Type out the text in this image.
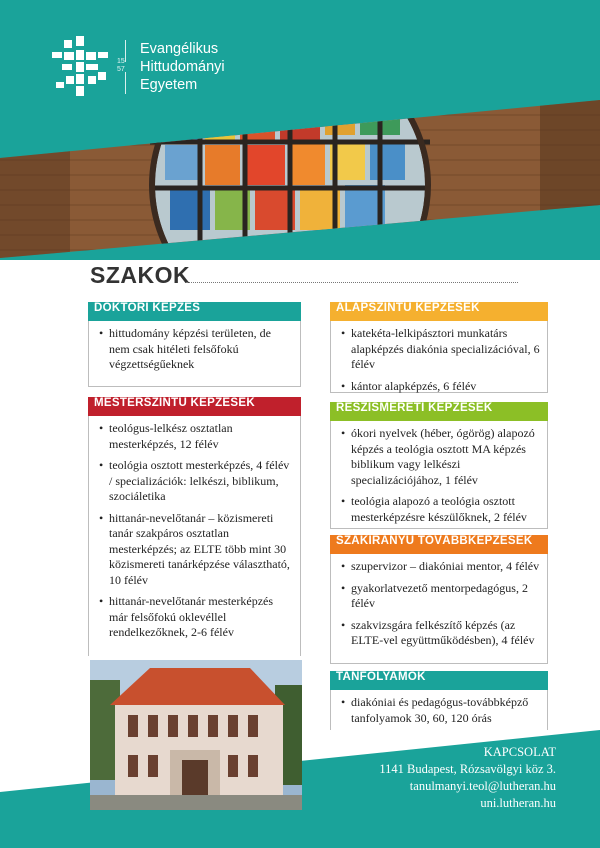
15
57
Evangélikus
Hittudományi
Egyetem
SZAKOK
DOKTORI KÉPZÉS
• hittudomány képzési területen, de nem csak hitéleti felsőfokú végzettségűeknek
MESTERSZINTŰ KÉPZÉSEK
• teológus-lelkész osztatlan mesterképzés, 12 félév
• teológia osztott mesterképzés, 4 félév / specializációk: lelkészi, biblikum, szociáletika
• hittanár-nevelőtanár – közismereti tanár szakpáros osztatlan mesterképzés; az ELTE több mint 30 közismereti tanárképzése választható, 10 félév
• hittanár-nevelőtanár mesterképzés már felsőfokú oklevéllel rendelkezőknek, 2-6 félév
ALAPSZINTŰ KÉPZÉSEK
• katekéta-lelkipásztori munkatárs alapképzés diakónia specializációval, 6 félév
• kántor alapképzés, 6 félév
RÉSZISMERETI KÉPZÉSEK
• ókori nyelvek (héber, ógörög) alapozó képzés a teológia osztott MA képzés biblikum vagy lelkészi specializációjához, 1 félév
• teológia alapozó a teológia osztott mesterképzésre készülőknek, 2 félév
SZAKIRÁNYÚ TOVÁBBKÉPZÉSEK
• szupervizor – diakóniai mentor, 4 félév
• gyakorlatvezető mentorpedagógus, 2 félév
• szakvizsgára felkészítő képzés (az ELTE-vel együttműködésben), 4 félév
TANFOLYAMOK
• diakóniai és pedagógus-továbbképző tanfolyamok 30, 60, 120 órás
KAPCSOLAT
1141 Budapest, Rózsavölgyi köz 3.
tanulmanyi.teol@lutheran.hu
uni.lutheran.hu
